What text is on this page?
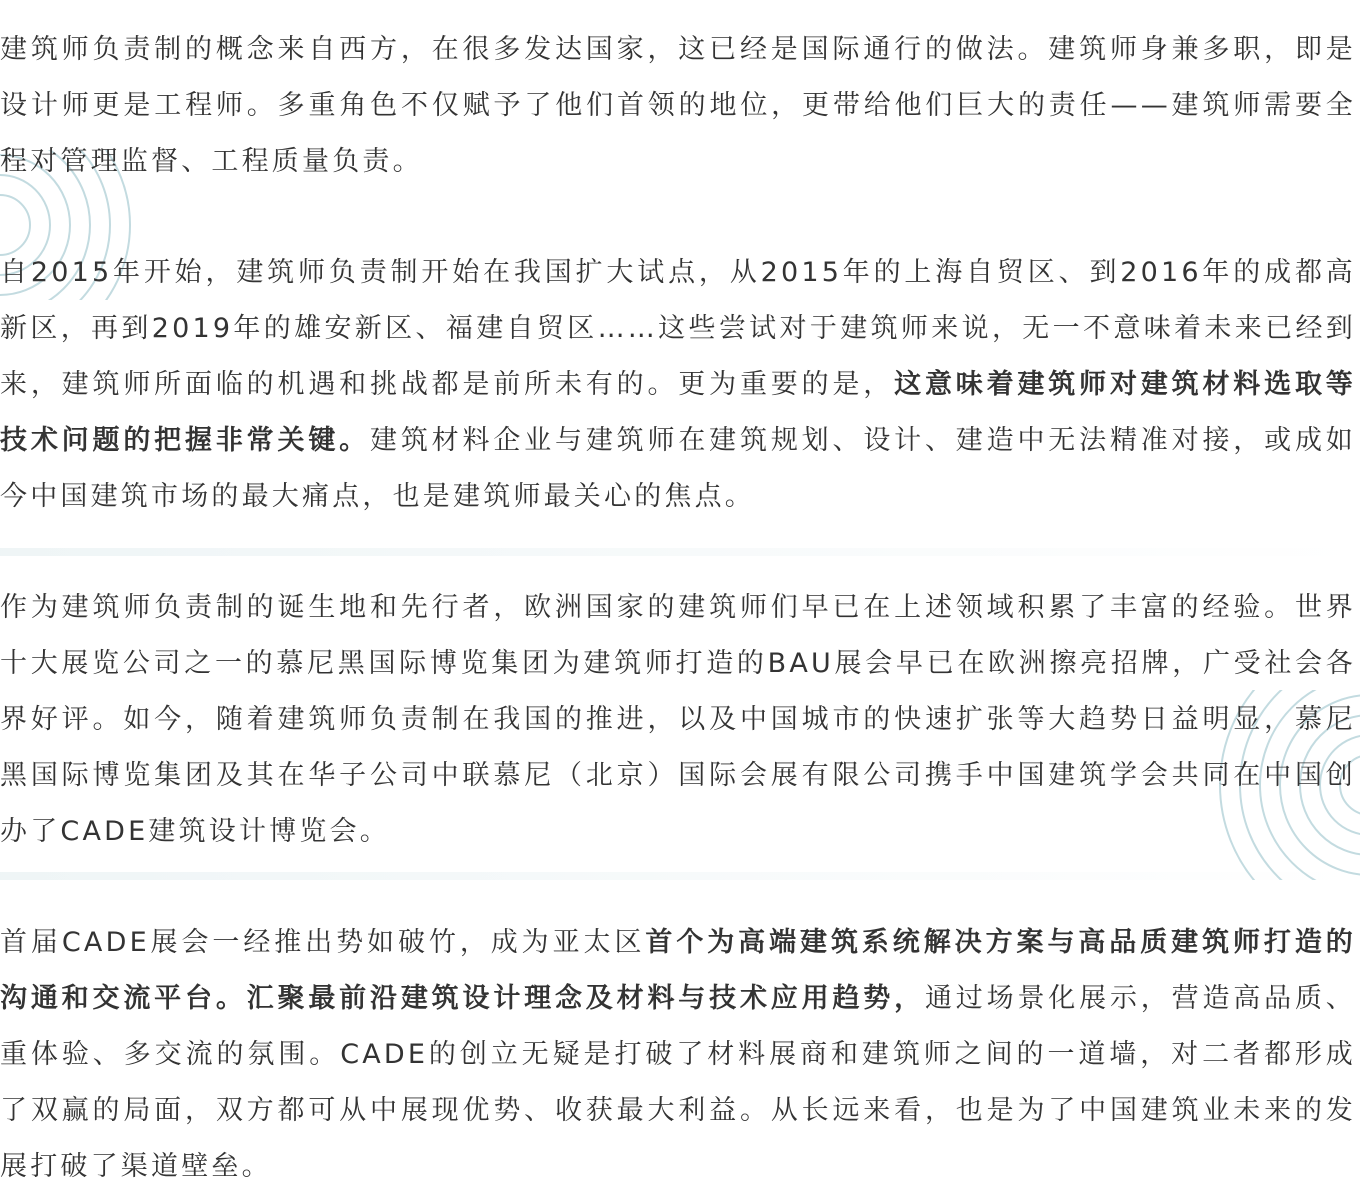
建筑师负责制的概念来自西方，在很多发达国家，这已经是国际通行的做法。建筑师身兼多职，即是设计师更是工程师。多重角色不仅赋予了他们首领的地位，更带给他们巨大的责任——建筑师需要全程对管理监督、工程质量负责。

自2015年开始，建筑师负责制开始在我国扩大试点，从2015年的上海自贸区、到2016年的成都高新区，再到2019年的雄安新区、福建自贸区……这些尝试对于建筑师来说，无一不意味着未来已经到来，建筑师所面临的机遇和挑战都是前所未有的。更为重要的是，这意味着建筑师对建筑材料选取等技术问题的把握非常关键。建筑材料企业与建筑师在建筑规划、设计、建造中无法精准对接，或成如今中国建筑市场的最大痛点，也是建筑师最关心的焦点。

作为建筑师负责制的诞生地和先行者，欧洲国家的建筑师们早已在上述领域积累了丰富的经验。世界十大展览公司之一的慕尼黑国际博览集团为建筑师打造的BAU展会早已在欧洲擦亮招牌，广受社会各界好评。如今，随着建筑师负责制在我国的推进，以及中国城市的快速扩张等大趋势日益明显，慕尼黑国际博览集团及其在华子公司中联慕尼（北京）国际会展有限公司携手中国建筑学会共同在中国创办了CADE建筑设计博览会。

首届CADE展会一经推出势如破竹，成为亚太区首个为高端建筑系统解决方案与高品质建筑师打造的沟通和交流平台。汇聚最前沿建筑设计理念及材料与技术应用趋势，通过场景化展示，营造高品质、重体验、多交流的氛围。CADE的创立无疑是打破了材料展商和建筑师之间的一道墙，对二者都形成了双赢的局面，双方都可从中展现优势、收获最大利益。从长远来看，也是为了中国建筑业未来的发展打破了渠道壁垒。
